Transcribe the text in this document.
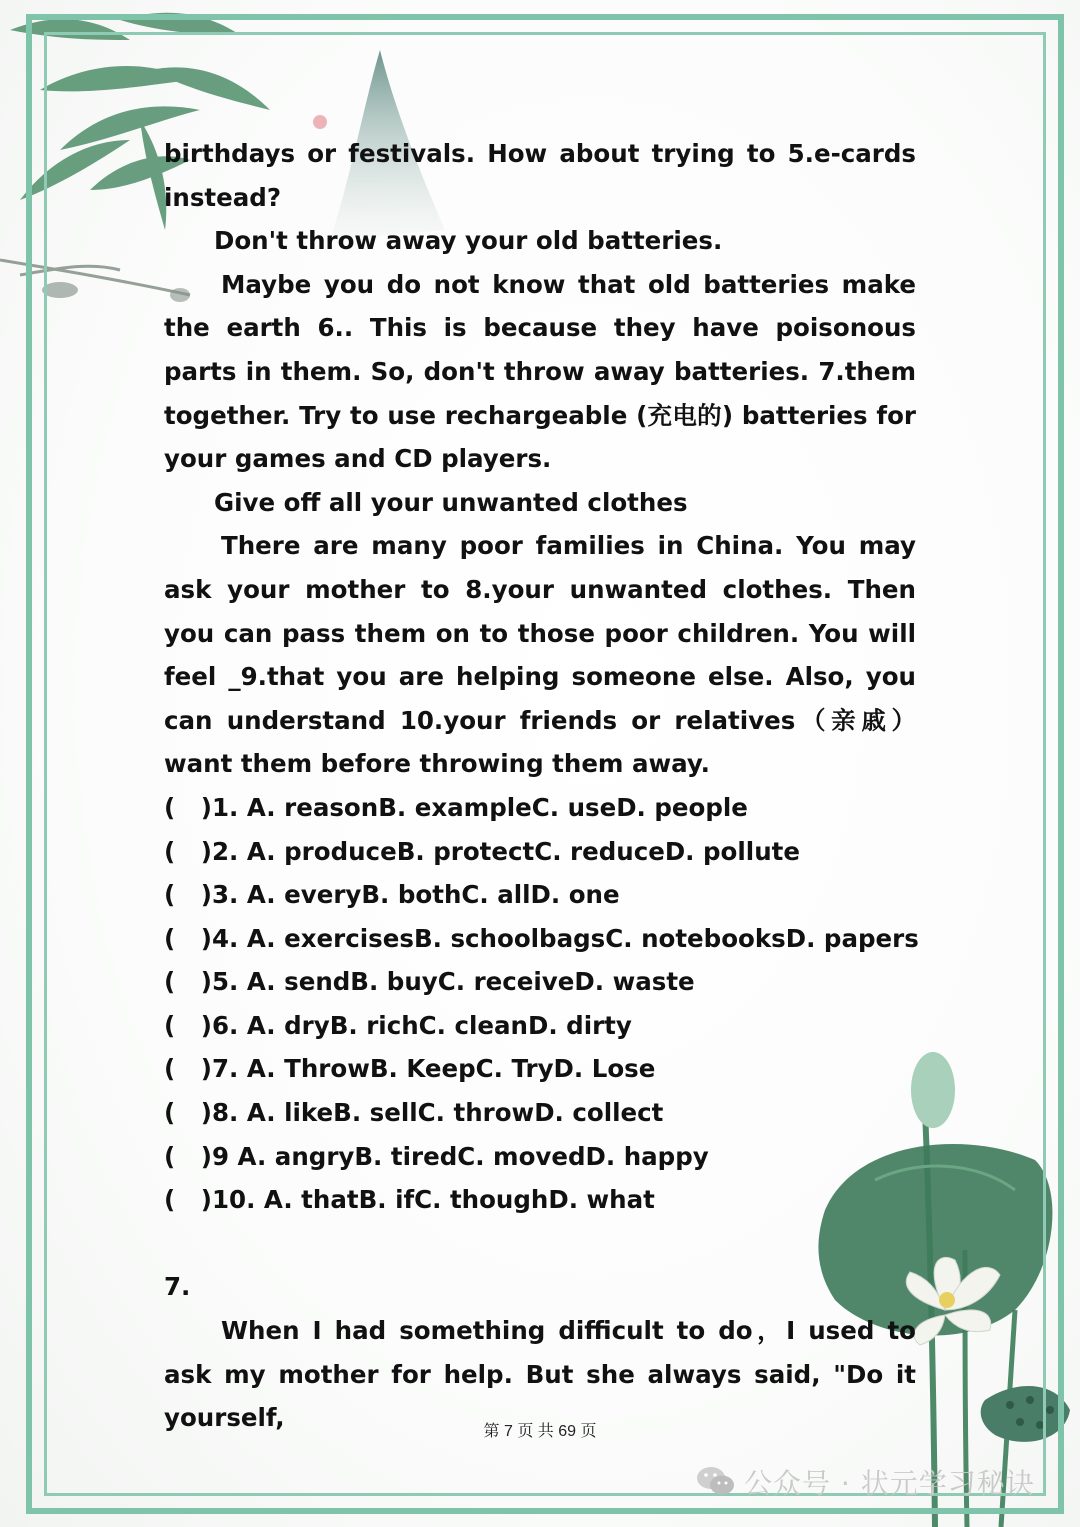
birthdays or festivals. How about trying to 5.e-cards instead?

Don't throw away your old batteries.

Maybe you do not know that old batteries make the earth 6.. This is because they have poisonous parts in them. So, don't throw away batteries. 7.them together. Try to use rechargeable (充电的) batteries for your games and CD players.

Give off all your unwanted clothes

There are many poor families in China. You may ask your mother to 8.your unwanted clothes. Then you can pass them on to those poor children. You will feel _9.that you are helping someone else. Also, you can understand 10.your friends or relatives（亲戚）want them before throwing them away.

(   )1. A. reasonB. exampleC. useD. people

(   )2. A. produceB. protectC. reduceD. pollute

(   )3. A. everyB. bothC. allD. one

(   )4. A. exercisesB. schoolbagsC. notebooksD. papers

(   )5. A. sendB. buyC. receiveD. waste

(   )6. A. dryB. richC. cleanD. dirty

(   )7. A. ThrowB. KeepC. TryD. Lose

(   )8. A. likeB. sellC. throwD. collect

(   )9 A. angryB. tiredC. movedD. happy

(   )10. A. thatB. ifC. thoughD. what

7.

When I had something difficult to do，I used to ask my mother for help. But she always said, "Do it yourself,	第 7 页 共 69 页
公众号 · 状元学习秘诀
